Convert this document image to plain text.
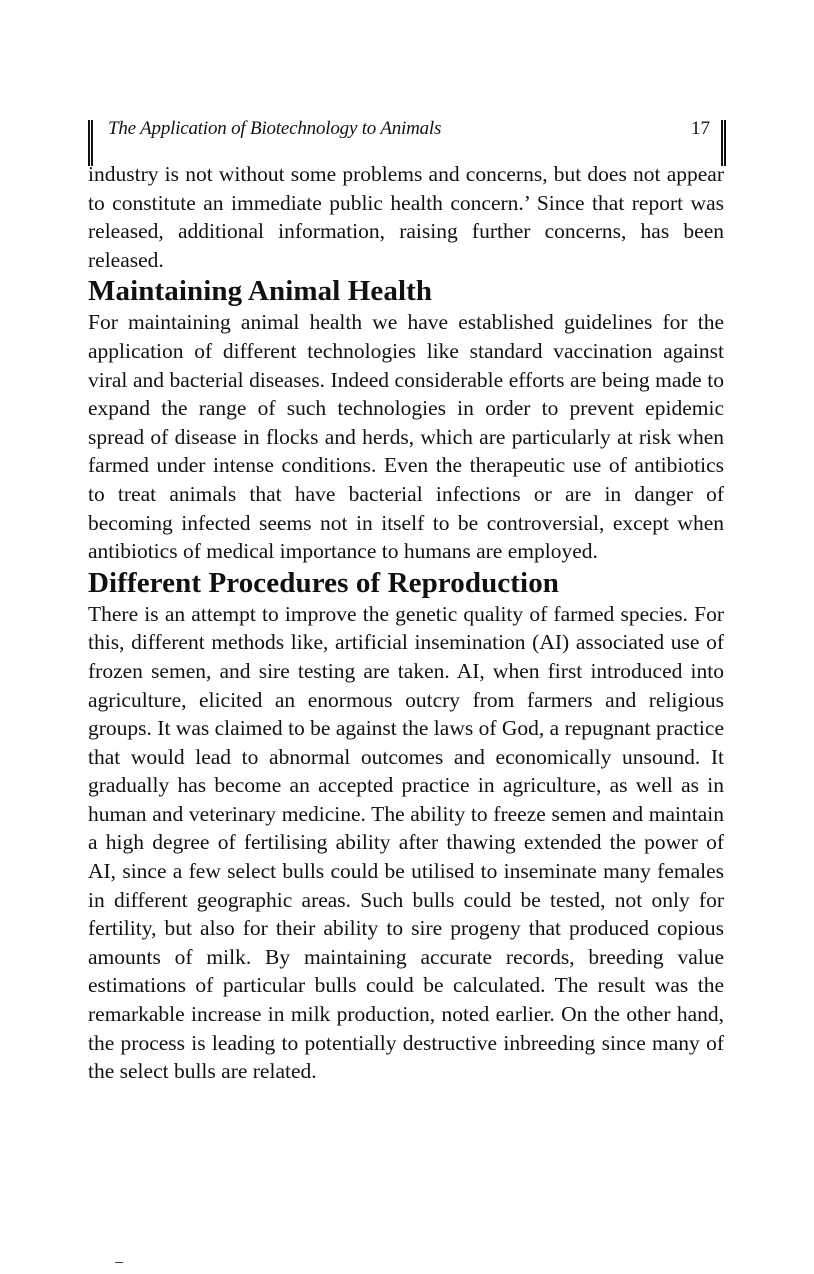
The Application of Biotechnology to Animals	17

industry is not without some problems and concerns, but does not appear to constitute an immediate public health concern.’ Since that report was released, additional information, raising further concerns, has been released.

Maintaining Animal Health

For maintaining animal health we have established guidelines for the application of different technologies like standard vaccination against viral and bacterial diseases. Indeed considerable efforts are being made to expand the range of such technologies in order to prevent epidemic spread of disease in flocks and herds, which are particularly at risk when farmed under intense conditions. Even the therapeutic use of antibiotics to treat animals that have bacterial infections or are in danger of becoming infected seems not in itself to be controversial, except when antibiotics of medical importance to humans are employed.

Different Procedures of Reproduction

There is an attempt to improve the genetic quality of farmed species. For this, different methods like, artificial insemination (AI) associated use of frozen semen, and sire testing are taken. AI, when first introduced into agriculture, elicited an enormous outcry from farmers and religious groups. It was claimed to be against the laws of God, a repugnant practice that would lead to abnormal outcomes and economically unsound. It gradually has become an accepted practice in agriculture, as well as in human and veterinary medicine. The ability to freeze semen and maintain a high degree of fertilising ability after thawing extended the power of AI, since a few select bulls could be utilised to inseminate many females in different geographic areas. Such bulls could be tested, not only for fertility, but also for their ability to sire progeny that produced copious amounts of milk. By maintaining accurate records, breeding value estimations of particular bulls could be calculated. The result was the remarkable increase in milk production, noted earlier. On the other hand, the process is leading to potentially destructive inbreeding since many of the select bulls are related.
